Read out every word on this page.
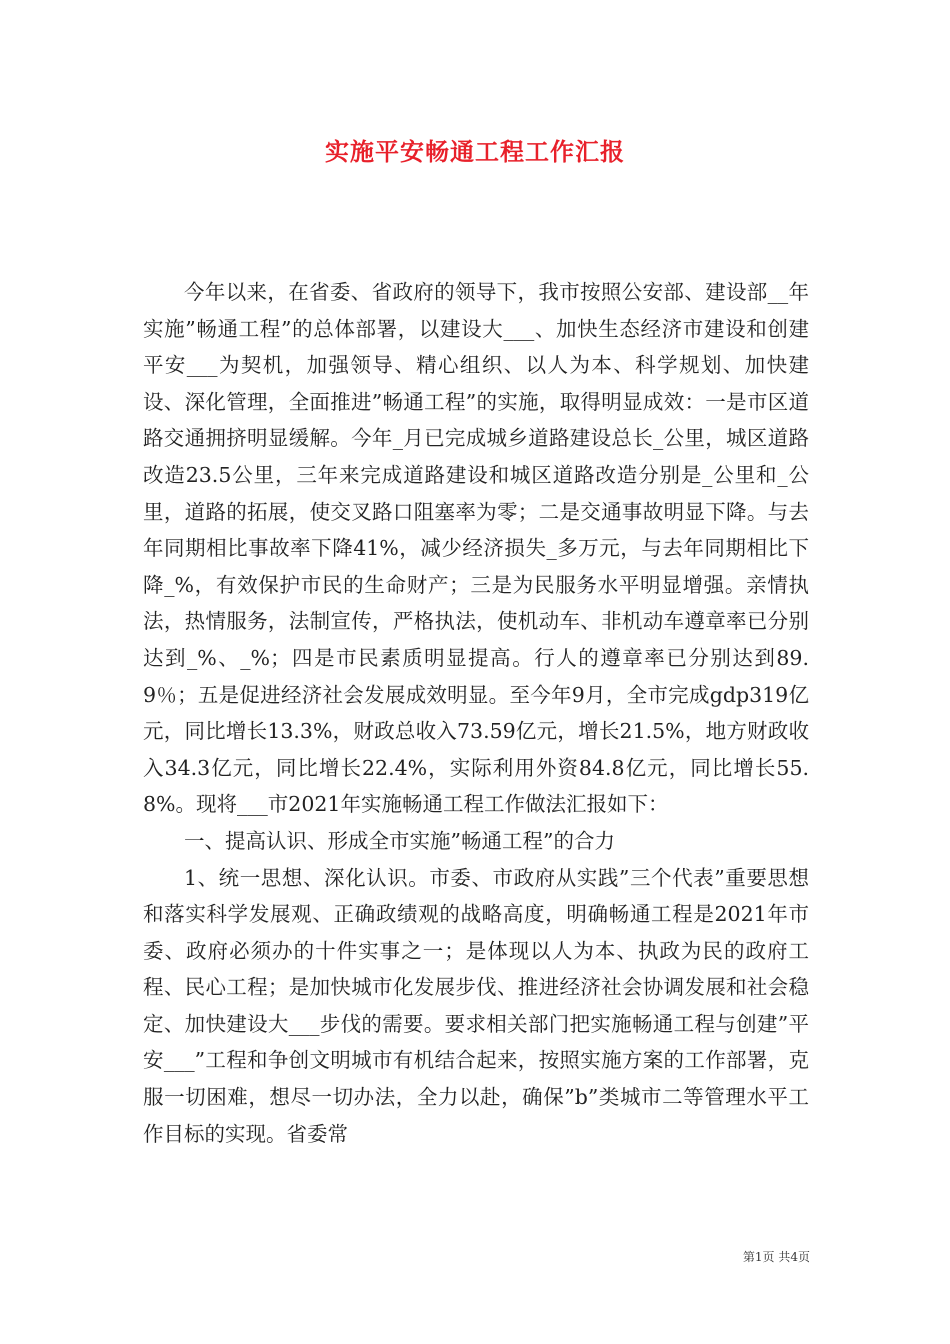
实施平安畅通工程工作汇报

今年以来，在省委、省政府的领导下，我市按照公安部、建设部__年实施”畅通工程”的总体部署，以建设大___、加快生态经济市建设和创建平安___为契机，加强领导、精心组织、以人为本、科学规划、加快建设、深化管理，全面推进”畅通工程”的实施，取得明显成效：一是市区道路交通拥挤明显缓解。今年_月已完成城乡道路建设总长_公里，城区道路改造23.5公里，三年来完成道路建设和城区道路改造分别是_公里和_公里，道路的拓展，使交叉路口阻塞率为零；二是交通事故明显下降。与去年同期相比事故率下降41%，减少经济损失_多万元，与去年同期相比下降_%，有效保护市民的生命财产；三是为民服务水平明显增强。亲情执法，热情服务，法制宣传，严格执法，使机动车、非机动车遵章率已分别达到_%、_%；四是市民素质明显提高。行人的遵章率已分别达到89.9％；五是促进经济社会发展成效明显。至今年9月，全市完成gdp319亿元，同比增长13.3%，财政总收入73.59亿元，增长21.5%，地方财政收入34.3亿元，同比增长22.4%，实际利用外资84.8亿元，同比增长55.8%。现将___市2021年实施畅通工程工作做法汇报如下：

一、提高认识、形成全市实施”畅通工程”的合力

1、统一思想、深化认识。市委、市政府从实践”三个代表”重要思想和落实科学发展观、正确政绩观的战略高度，明确畅通工程是2021年市委、政府必须办的十件实事之一；是体现以人为本、执政为民的政府工程、民心工程；是加快城市化发展步伐、推进经济社会协调发展和社会稳定、加快建设大___步伐的需要。要求相关部门把实施畅通工程与创建”平安___”工程和争创文明城市有机结合起来，按照实施方案的工作部署，克服一切困难，想尽一切办法，全力以赴，确保”b”类城市二等管理水平工作目标的实现。省委常

第1页 共4页
